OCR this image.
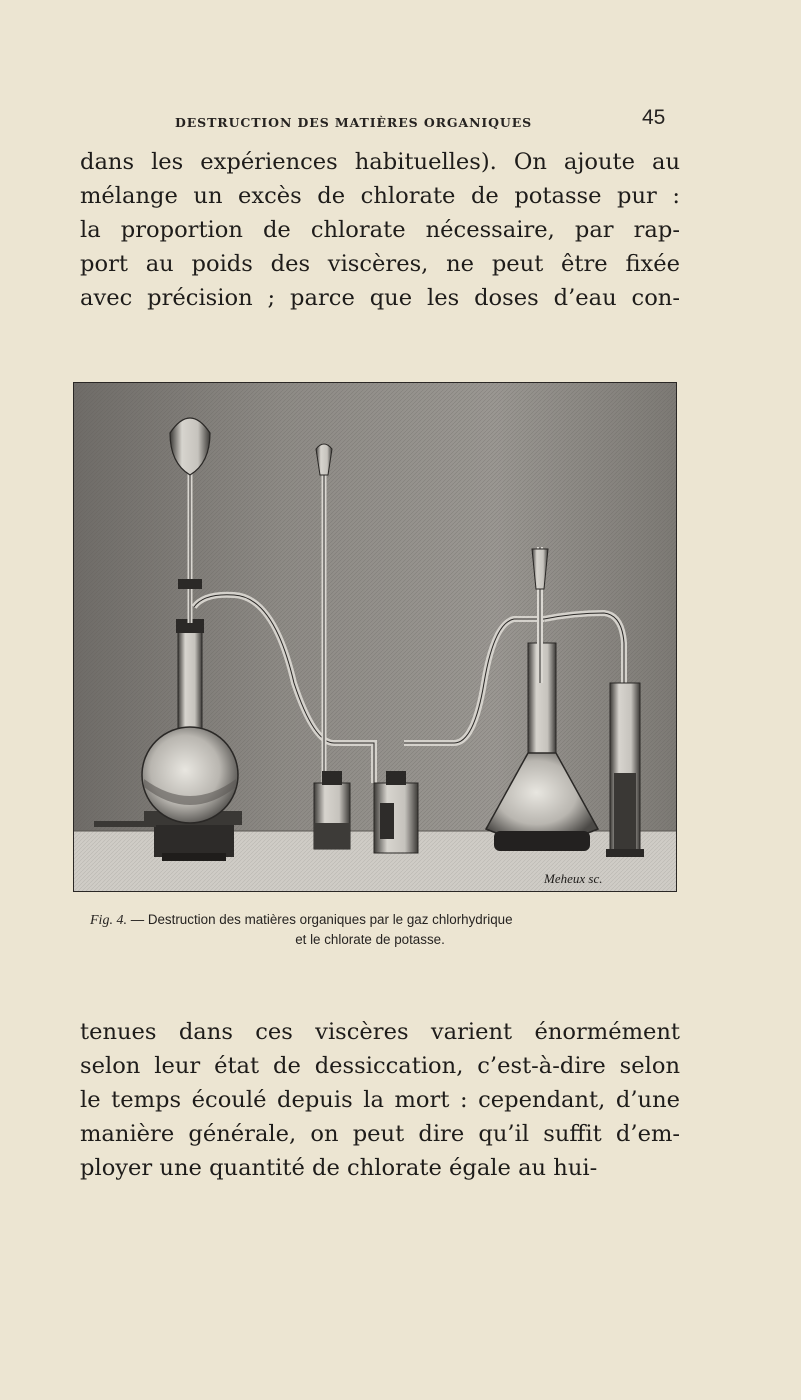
DESTRUCTION DES MATIÈRES ORGANIQUES	45
dans les expériences habituelles). On ajoute au
mélange un excès de chlorate de potasse pur :
la proportion de chlorate nécessaire, par rap-
port au poids des viscères, ne peut être fixée
avec précision ; parce que les doses d’eau con-
Meheux sc.
Fig. 4. — Destruction des matières organiques par le gaz chlorhydrique
et le chlorate de potasse.
tenues dans ces viscères varient énormément
selon leur état de dessiccation, c’est-à-dire selon
le temps écoulé depuis la mort : cependant, d’une
manière générale, on peut dire qu’il suffit d’em-
ployer une quantité de chlorate égale au hui-
